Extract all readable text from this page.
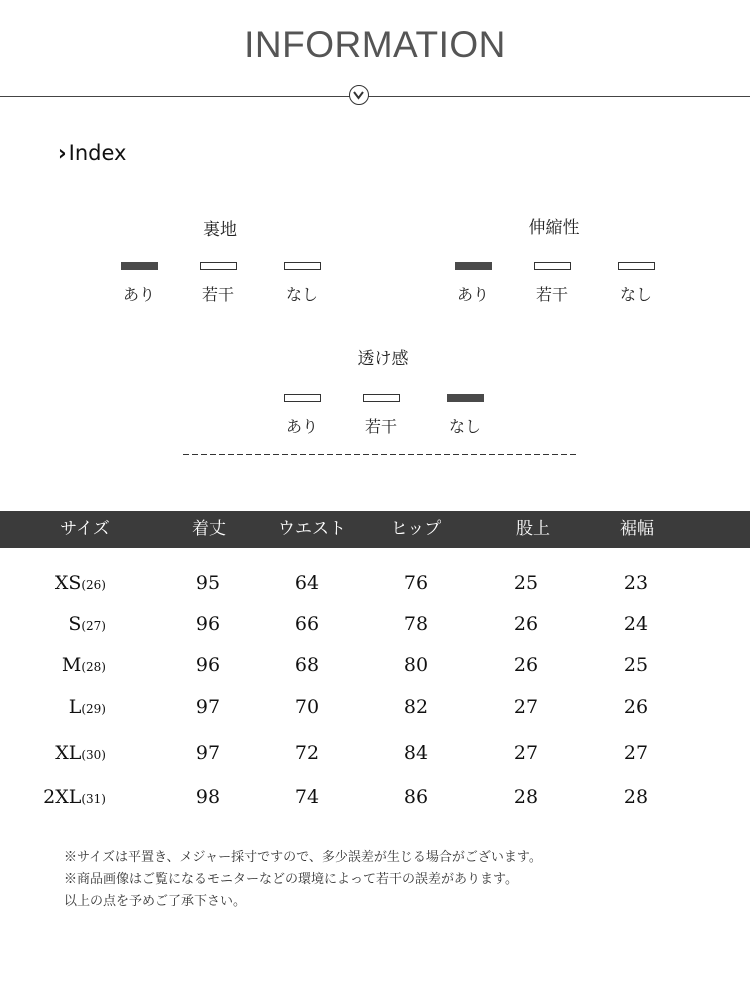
INFORMATION
›Index
裏地
あり	若干	なし
伸縮性
あり	若干	なし
透け感
あり	若干	なし
サイズ	着丈	ウエスト	ヒップ	股上	裾幅
XS(26)	95	64	76	25	23
S(27)	96	66	78	26	24
M(28)	96	68	80	26	25
L(29)	97	70	82	27	26
XL(30)	97	72	84	27	27
2XL(31)	98	74	86	28	28
※サイズは平置き、メジャー採寸ですので、多少誤差が生じる場合がございます。
※商品画像はご覧になるモニターなどの環境によって若干の誤差があります。
以上の点を予めご了承下さい。
